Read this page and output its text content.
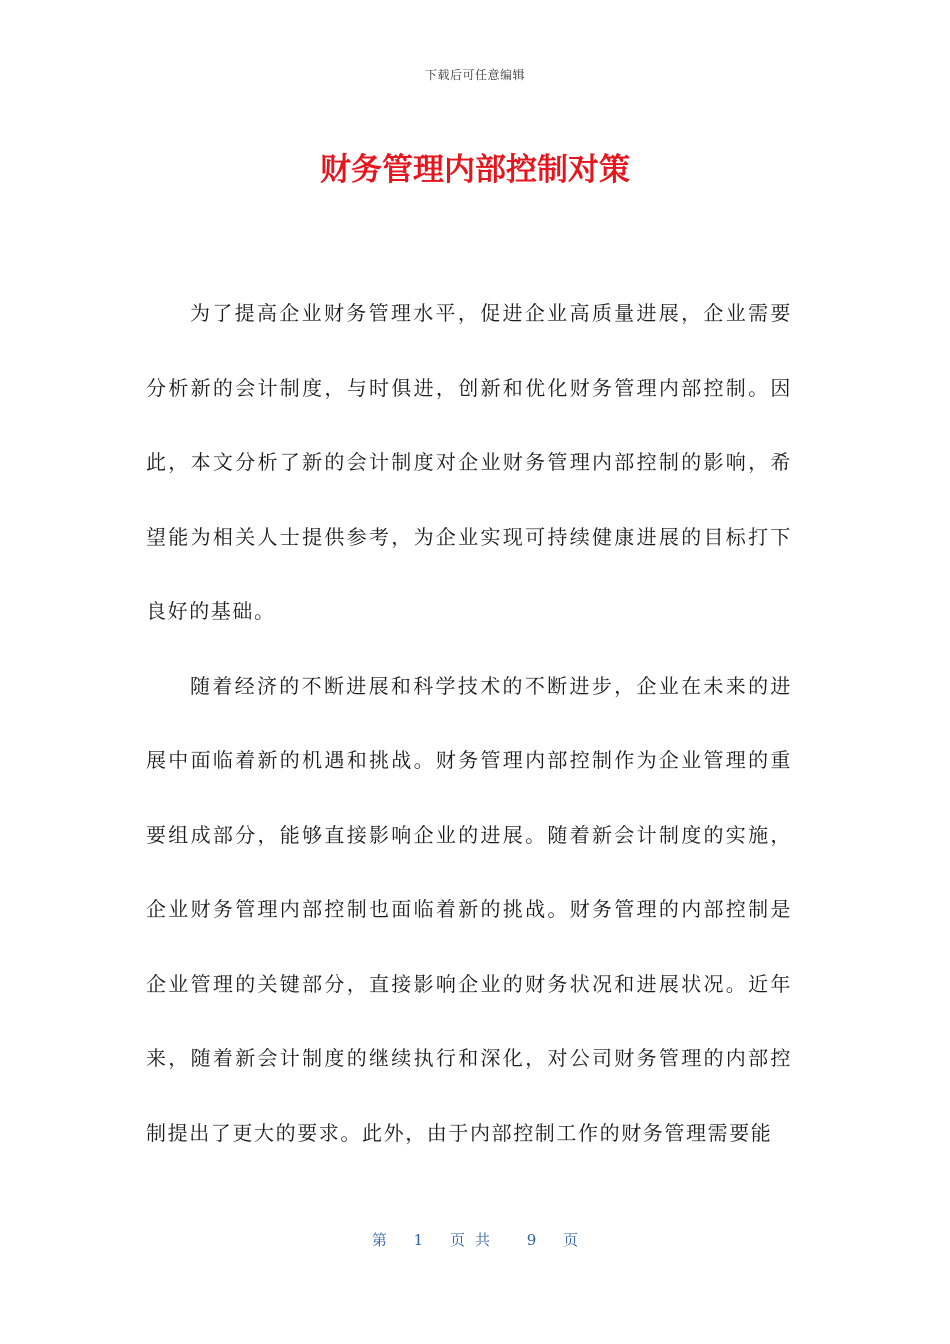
下载后可任意编辑
财务管理内部控制对策

为了提高企业财务管理水平，促进企业高质量进展，企业需要分析新的会计制度，与时俱进，创新和优化财务管理内部控制。因此，本文分析了新的会计制度对企业财务管理内部控制的影响，希望能为相关人士提供参考，为企业实现可持续健康进展的目标打下良好的基础。

随着经济的不断进展和科学技术的不断进步，企业在未来的进展中面临着新的机遇和挑战。财务管理内部控制作为企业管理的重要组成部分，能够直接影响企业的进展。随着新会计制度的实施，企业财务管理内部控制也面临着新的挑战。财务管理的内部控制是企业管理的关键部分，直接影响企业的财务状况和进展状况。近年来，随着新会计制度的继续执行和深化，对公司财务管理的内部控制提出了更大的要求。此外，由于内部控制工作的财务管理需要能

第 1 页共 9 页
